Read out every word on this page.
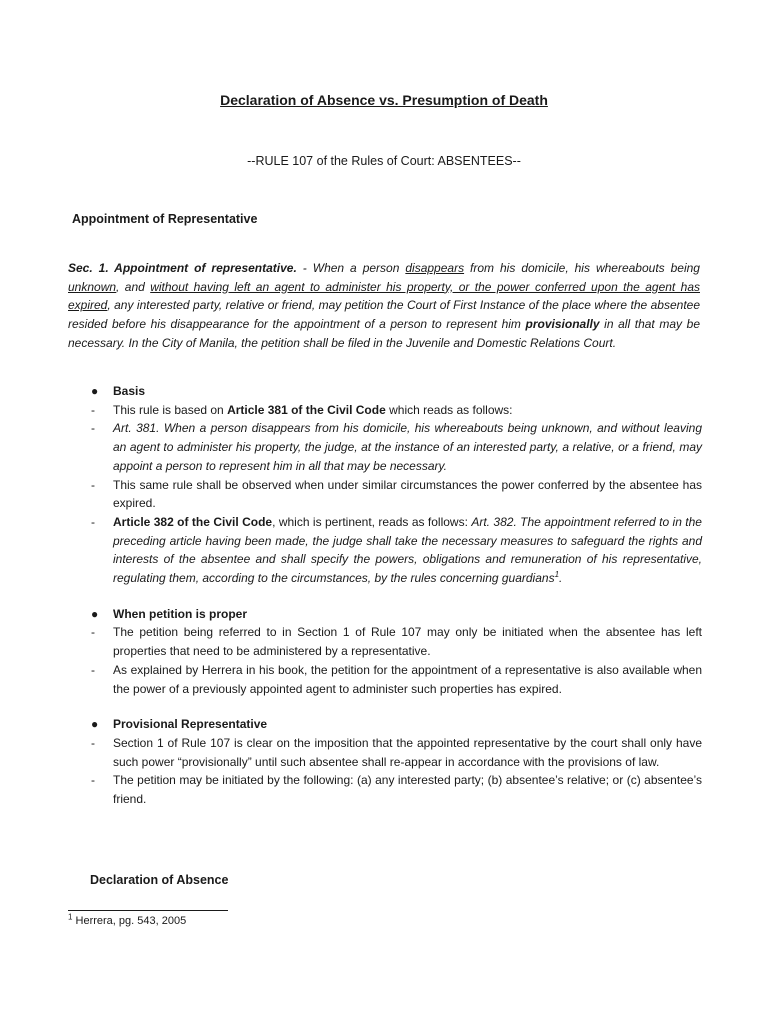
Declaration of Absence vs. Presumption of Death
--RULE 107 of the Rules of Court: ABSENTEES--
Appointment of Representative
Sec. 1. Appointment of representative. - When a person disappears from his domicile, his whereabouts being unknown, and without having left an agent to administer his property, or the power conferred upon the agent has expired, any interested party, relative or friend, may petition the Court of First Instance of the place where the absentee resided before his disappearance for the appointment of a person to represent him provisionally in all that may be necessary. In the City of Manila, the petition shall be filed in the Juvenile and Domestic Relations Court.
● Basis
- This rule is based on Article 381 of the Civil Code which reads as follows:
- Art. 381. When a person disappears from his domicile, his whereabouts being unknown, and without leaving an agent to administer his property, the judge, at the instance of an interested party, a relative, or a friend, may appoint a person to represent him in all that may be necessary.
- This same rule shall be observed when under similar circumstances the power conferred by the absentee has expired.
- Article 382 of the Civil Code, which is pertinent, reads as follows: Art. 382. The appointment referred to in the preceding article having been made, the judge shall take the necessary measures to safeguard the rights and interests of the absentee and shall specify the powers, obligations and remuneration of his representative, regulating them, according to the circumstances, by the rules concerning guardians$^1$.
● When petition is proper
- The petition being referred to in Section 1 of Rule 107 may only be initiated when the absentee has left properties that need to be administered by a representative.
- As explained by Herrera in his book, the petition for the appointment of a representative is also available when the power of a previously appointed agent to administer such properties has expired.
● Provisional Representative
- Section 1 of Rule 107 is clear on the imposition that the appointed representative by the court shall only have such power “provisionally” until such absentee shall re-appear in accordance with the provisions of law.
- The petition may be initiated by the following: (a) any interested party; (b) absentee’s relative; or (c) absentee’s friend.
Declaration of Absence
$^1$ Herrera, pg. 543, 2005
